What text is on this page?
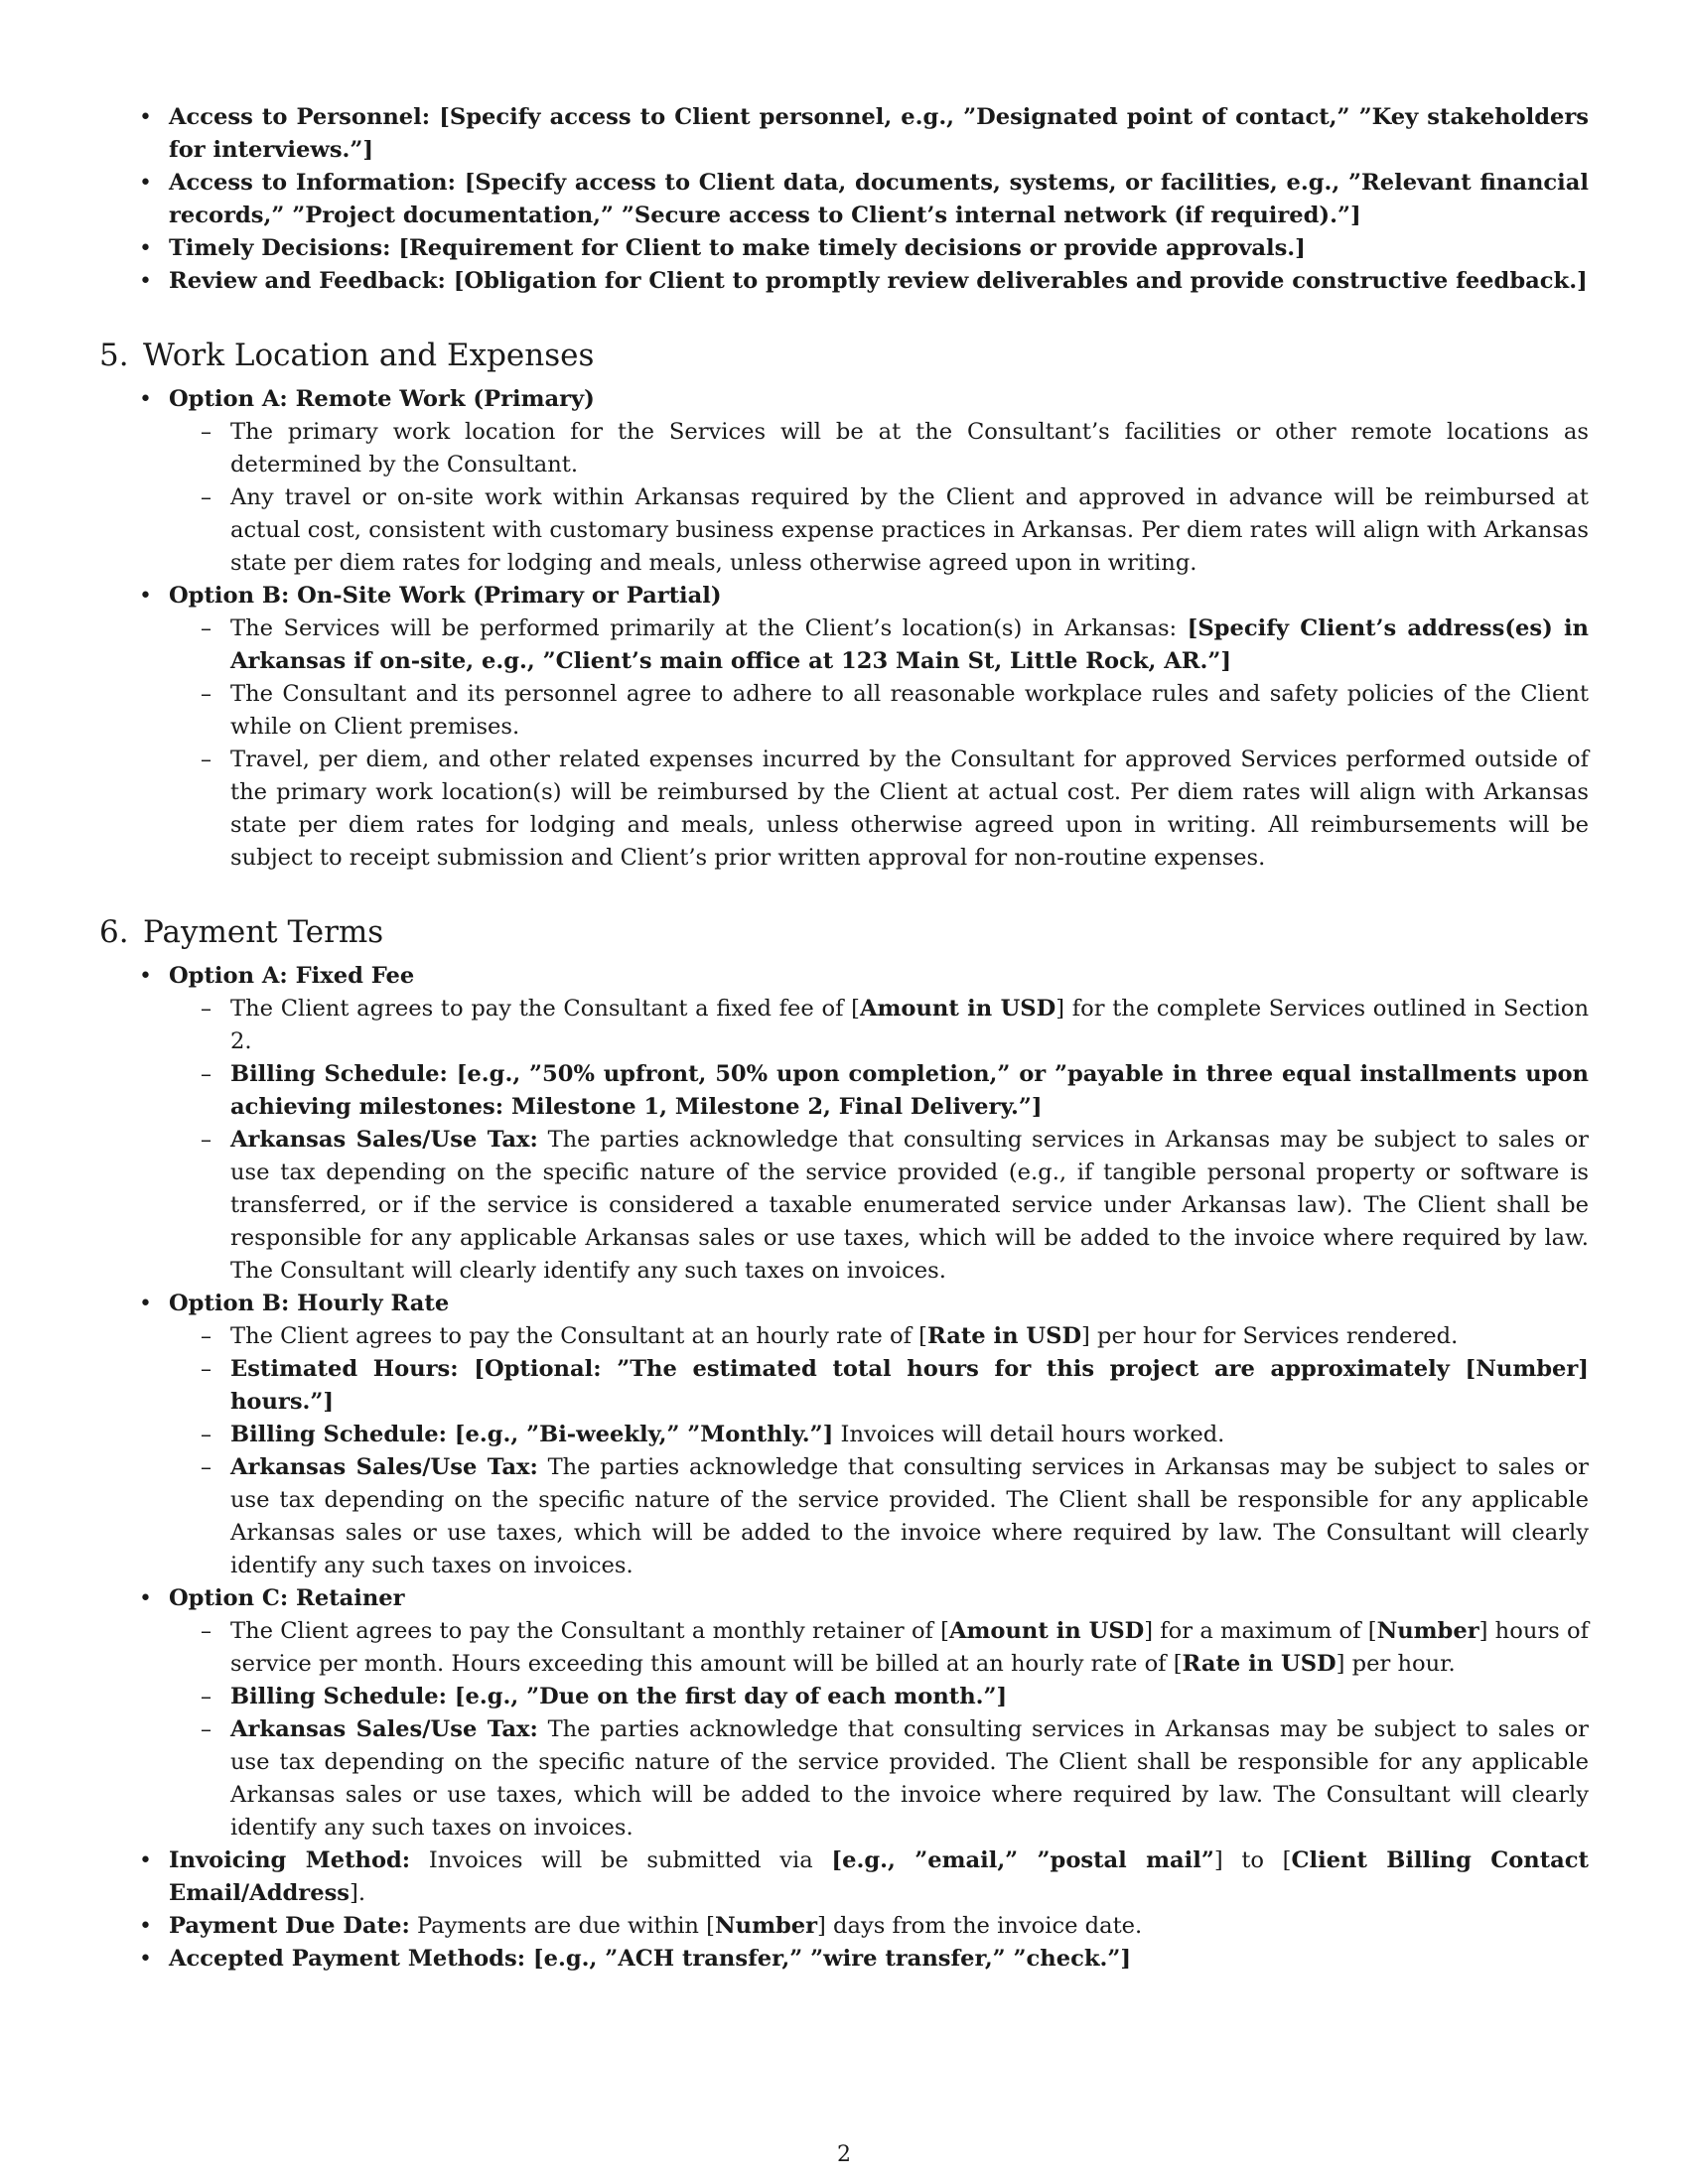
• Access to Personnel: [Specify access to Client personnel, e.g., ”Designated point of contact,” ”Key stakeholders for interviews.”]
• Access to Information: [Specify access to Client data, documents, systems, or facilities, e.g., ”Relevant financial records,” ”Project documentation,” ”Secure access to Client’s internal network (if required).”]
• Timely Decisions: [Requirement for Client to make timely decisions or provide approvals.]
• Review and Feedback: [Obligation for Client to promptly review deliverables and provide constructive feedback.]
5. Work Location and Expenses
• Option A: Remote Work (Primary)
– The primary work location for the Services will be at the Consultant’s facilities or other remote locations as determined by the Consultant.
– Any travel or on-site work within Arkansas required by the Client and approved in advance will be reimbursed at actual cost, consistent with customary business expense practices in Arkansas. Per diem rates will align with Arkansas state per diem rates for lodging and meals, unless otherwise agreed upon in writing.
• Option B: On-Site Work (Primary or Partial)
– The Services will be performed primarily at the Client’s location(s) in Arkansas: [Specify Client’s address(es) in Arkansas if on-site, e.g., ”Client’s main office at 123 Main St, Little Rock, AR.”]
– The Consultant and its personnel agree to adhere to all reasonable workplace rules and safety policies of the Client while on Client premises.
– Travel, per diem, and other related expenses incurred by the Consultant for approved Services performed outside of the primary work location(s) will be reimbursed by the Client at actual cost. Per diem rates will align with Arkansas state per diem rates for lodging and meals, unless otherwise agreed upon in writing. All reimbursements will be subject to receipt submission and Client’s prior written approval for non-routine expenses.
6. Payment Terms
• Option A: Fixed Fee
– The Client agrees to pay the Consultant a fixed fee of [Amount in USD] for the complete Services outlined in Section 2.
– Billing Schedule: [e.g., ”50% upfront, 50% upon completion,” or ”payable in three equal installments upon achieving milestones: Milestone 1, Milestone 2, Final Delivery.”]
– Arkansas Sales/Use Tax: The parties acknowledge that consulting services in Arkansas may be subject to sales or use tax depending on the specific nature of the service provided (e.g., if tangible personal property or software is transferred, or if the service is considered a taxable enumerated service under Arkansas law). The Client shall be responsible for any applicable Arkansas sales or use taxes, which will be added to the invoice where required by law. The Consultant will clearly identify any such taxes on invoices.
• Option B: Hourly Rate
– The Client agrees to pay the Consultant at an hourly rate of [Rate in USD] per hour for Services rendered.
– Estimated Hours: [Optional: ”The estimated total hours for this project are approximately [Number] hours.”]
– Billing Schedule: [e.g., ”Bi-weekly,” ”Monthly.”] Invoices will detail hours worked.
– Arkansas Sales/Use Tax: The parties acknowledge that consulting services in Arkansas may be subject to sales or use tax depending on the specific nature of the service provided. The Client shall be responsible for any applicable Arkansas sales or use taxes, which will be added to the invoice where required by law. The Consultant will clearly identify any such taxes on invoices.
• Option C: Retainer
– The Client agrees to pay the Consultant a monthly retainer of [Amount in USD] for a maximum of [Number] hours of service per month. Hours exceeding this amount will be billed at an hourly rate of [Rate in USD] per hour.
– Billing Schedule: [e.g., ”Due on the first day of each month.”]
– Arkansas Sales/Use Tax: The parties acknowledge that consulting services in Arkansas may be subject to sales or use tax depending on the specific nature of the service provided. The Client shall be responsible for any applicable Arkansas sales or use taxes, which will be added to the invoice where required by law. The Consultant will clearly identify any such taxes on invoices.
• Invoicing Method: Invoices will be submitted via [e.g., ”email,” ”postal mail”] to [Client Billing Contact Email/Address].
• Payment Due Date: Payments are due within [Number] days from the invoice date.
• Accepted Payment Methods: [e.g., ”ACH transfer,” ”wire transfer,” ”check.”]
2
